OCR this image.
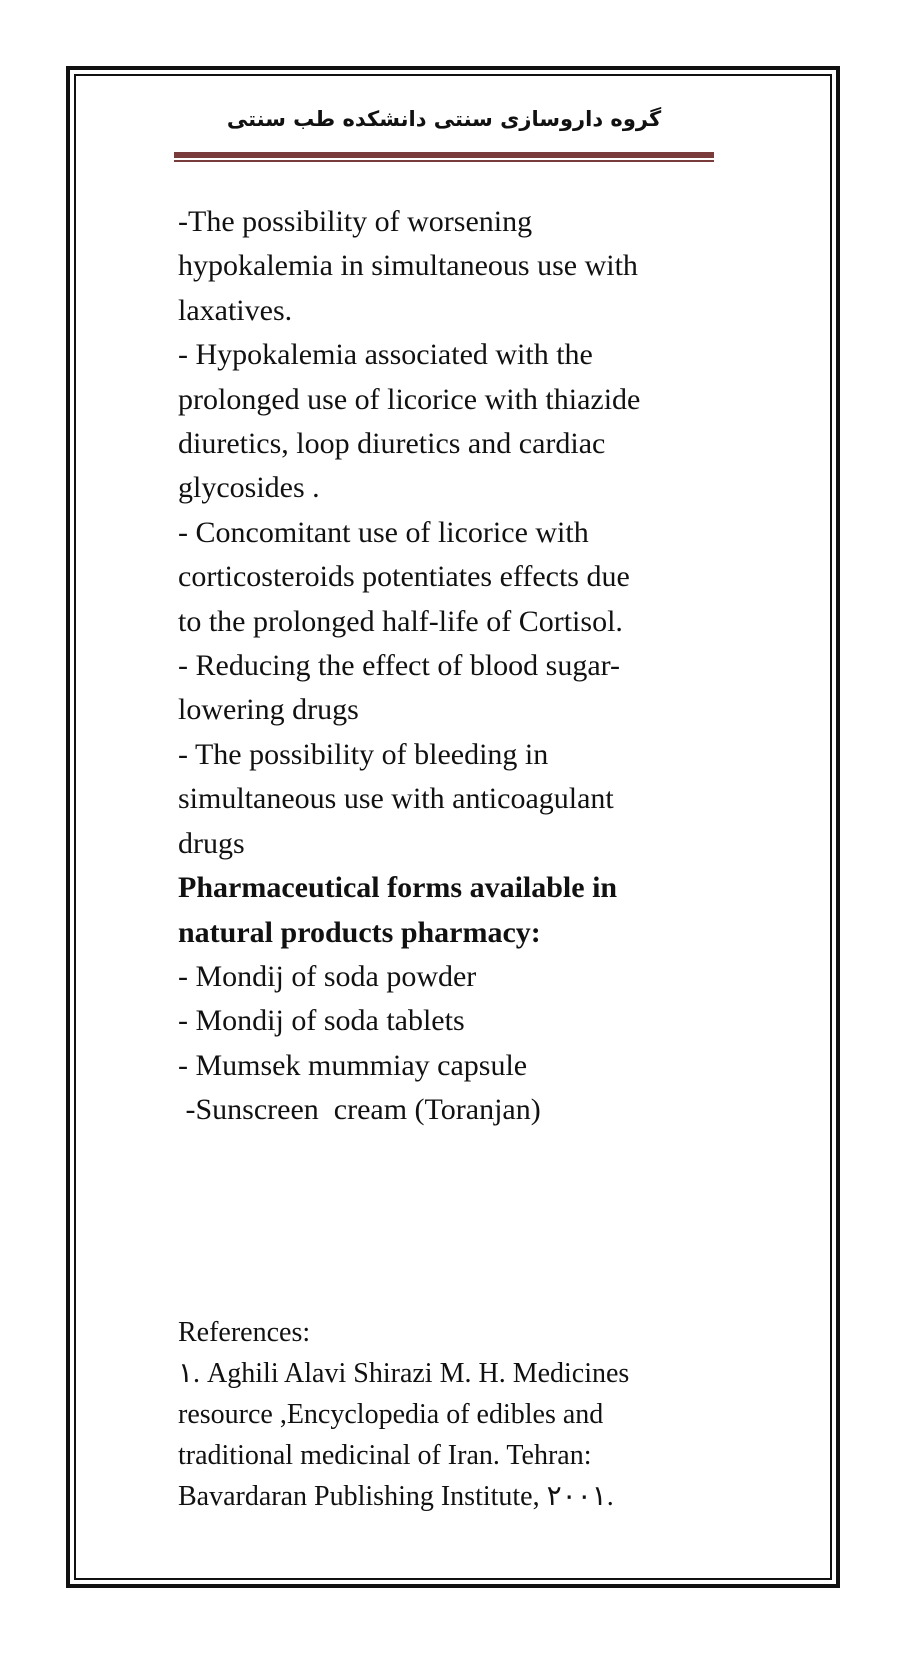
گروه داروسازی سنتی دانشکده طب سنتی

-The possibility of worsening

hypokalemia in simultaneous use with

laxatives.

- Hypokalemia associated with the

prolonged use of licorice with thiazide

diuretics, loop diuretics and cardiac

glycosides .

- Concomitant use of licorice with

corticosteroids potentiates effects due

to the prolonged half-life of Cortisol.

- Reducing the effect of blood sugar-

lowering drugs

- The possibility of bleeding in

simultaneous use with anticoagulant

drugs

Pharmaceutical forms available in

natural products pharmacy:

- Mondij of soda powder

- Mondij of soda tablets

- Mumsek mummiay capsule

-Sunscreen  cream (Toranjan)

References:

١. Aghili Alavi Shirazi M. H. Medicines

resource ,Encyclopedia of edibles and

traditional medicinal of Iran. Tehran:

Bavardaran Publishing Institute, ٢٠٠١.
